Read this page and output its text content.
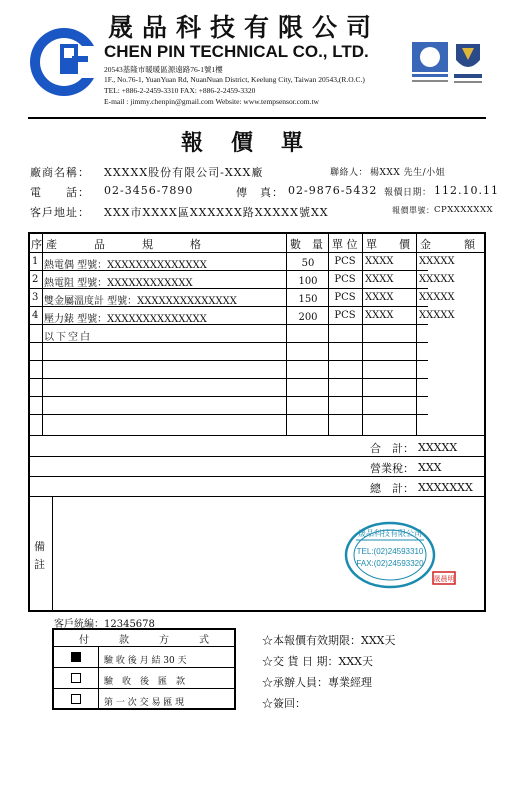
晟品科技有限公司
CHEN PIN TECHNICAL CO., LTD.
20543基隆市暖暖區源遠路76-1號1樓
1F., No.76-1, YuanYuan Rd, NuanNuan District, Keelung City, Taiwan 20543,(R.O.C.)
TEL: +886-2-2459-3310 FAX: +886-2-2459-3320
E-mail : jimmy.chenpin@gmail.com Website: www.tempsensor.com.tw
報價單
廠商名稱： XXXXX股份有限公司-XXX廠	聯絡人： 楊XXX 先生/小姐
電　　話： 02-3456-7890	傳　真： 02-9876-5432 報價日期： 112.10.11
客戶地址： XXX市XXXX區XXXXXX路XXXXX號XX	報價單號： CPXXXXXXX
序 產　　　品　　　規　　　格	數　量 單 位 單　　價 金　　　額
1 熱電偶 型號：XXXXXXXXXXXXXX	50	PCS XXXX	XXXXX
2 熱電阻 型號：XXXXXXXXXXXX	100	PCS XXXX	XXXXX
3 雙金屬溫度計 型號：XXXXXXXXXXXXXX	150	PCS XXXX	XXXXX
4 壓力錶 型號：XXXXXXXXXXXXXX	200	PCS XXXX	XXXXX
以下空白
合　計： XXXXX
營業稅： XXX
總　計： XXXXXXX
備註
晟品科技有限公司
TEL:(02)24593310
FAX:(02)24593320
晟晨明
客戶統編：12345678
付　　　款　　　方　　　式
驗 收 後 月 結 30 天
驗　收　後　匯　款
第 一 次 交 易 匯 現
☆本報價有效期限：XXX天
☆交 貨 日 期：XXX天
☆承辦人員：專業經理
☆簽回：
